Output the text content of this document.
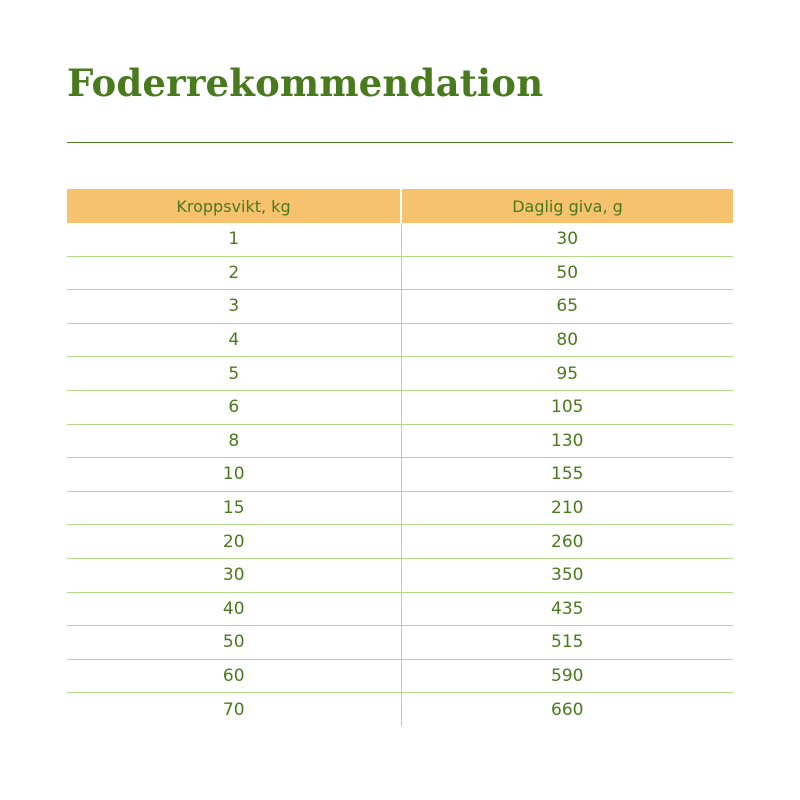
Foderrekommendation
Kroppsvikt, kg	Daglig giva, g
1	30
2	50
3	65
4	80
5	95
6	105
8	130
10	155
15	210
20	260
30	350
40	435
50	515
60	590
70	660
